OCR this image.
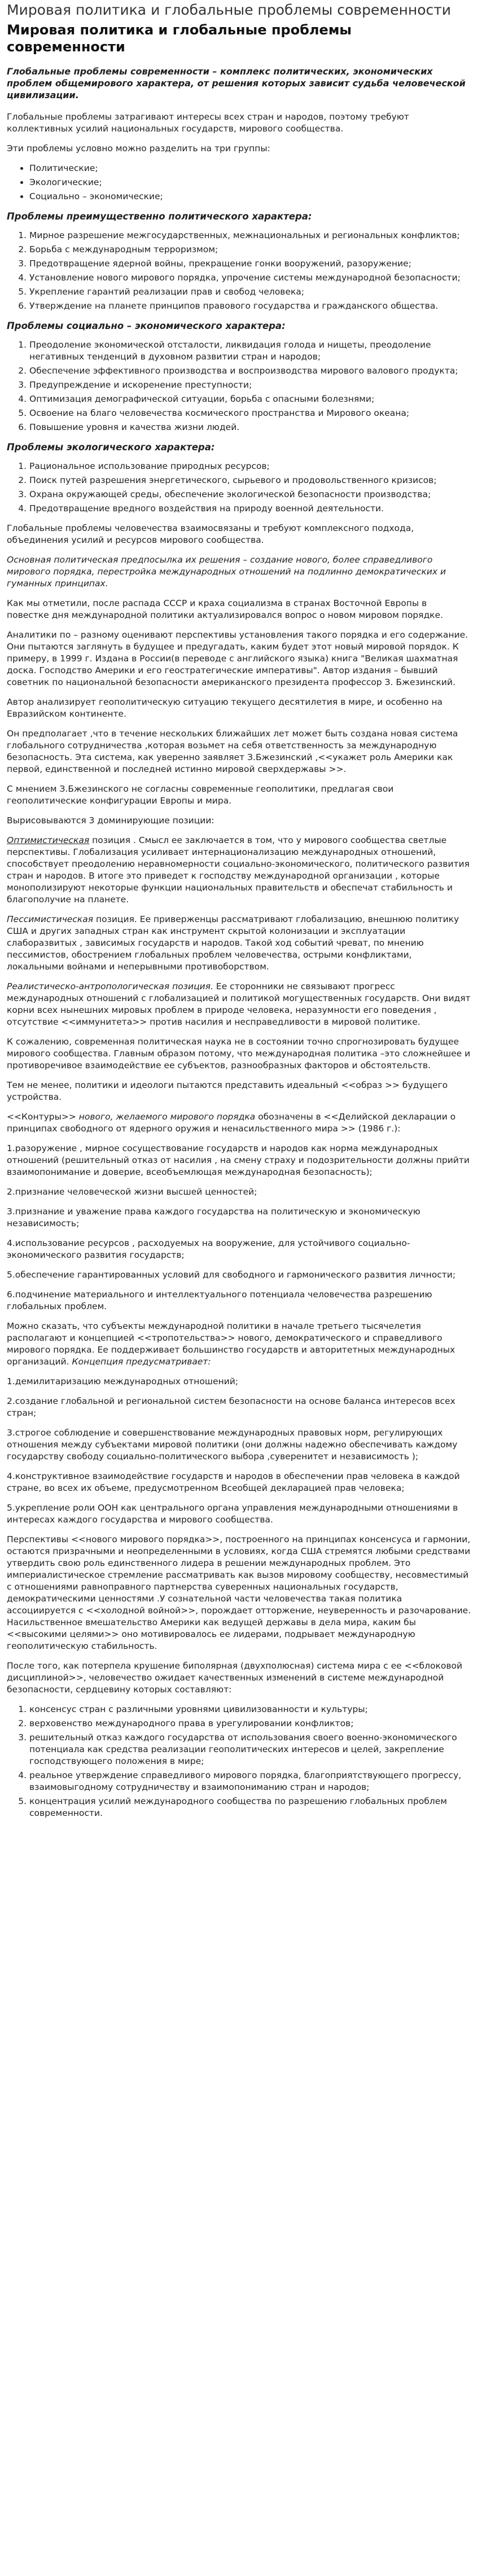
Мировая политика и глобальные проблемы современности
Мировая политика и глобальные проблемы современности

Глобальные проблемы современности – комплекс политических, экономических проблем общемирового характера, от решения которых зависит судьба человеческой цивилизации.

Глобальные проблемы затрагивают интересы всех стран и народов, поэтому требуют коллективных усилий национальных государств, мирового сообщества.

Эти проблемы условно можно разделить на три группы:

• Политические;
• Экологические;
• Социально – экономические;
Проблемы преимущественно политического характера:
1. Мирное разрешение межгосударственных, межнациональных и региональных конфликтов;
2. Борьба с международным терроризмом;
3. Предотвращение ядерной войны, прекращение гонки вооружений, разоружение;
4. Установление нового мирового порядка, упрочение системы международной безопасности;
5. Укрепление гарантий реализации прав и свобод человека;
6. Утверждение на планете принципов правового государства и гражданского общества.
Проблемы социально – экономического характера:
1. Преодоление экономической отсталости, ликвидация голода и нищеты, преодоление негативных тенденций в духовном развитии стран и народов;
2. Обеспечение эффективного производства и воспроизводства мирового валового продукта;
3. Предупреждение и искоренение преступности;
4. Оптимизация демографической ситуации, борьба с опасными болезнями;
5. Освоение на благо человечества космического пространства и Мирового океана;
6. Повышение уровня и качества жизни людей.
Проблемы экологического характера:
1. Рациональное использование природных ресурсов;
2. Поиск путей разрешения энергетического, сырьевого и продовольственного кризисов;
3. Охрана окружающей среды, обеспечение экологической безопасности производства;
4. Предотвращение вредного воздействия на природу военной деятельности.

Глобальные проблемы человечества взаимосвязаны и требуют комплексного подхода, объединения усилий и ресурсов мирового сообщества.

Основная политическая предпосылка их решения – создание нового, более справедливого мирового порядка, перестройка международных отношений на подлинно демократических и гуманных принципах.

Как мы отметили, после распада СССР и краха социализма в странах Восточной Европы в повестке дня международной политики актуализировался вопрос о новом мировом порядке.

Аналитики по – разному оценивают перспективы установления такого порядка и его содержание. Они пытаются заглянуть в будущее и предугадать, каким будет этот новый мировой порядок. К примеру, в 1999 г. Издана в России(в переводе с английского языка) книга "Великая шахматная доска. Господство Америки и его геостратегические императивы". Автор издания – бывший советник по национальной безопасности американского президента профессор З. Бжезинский.

Автор анализирует геополитическую ситуацию текущего десятилетия в мире, и особенно на Евразийском континенте.

Он предполагает ,что в течение нескольких ближайших лет может быть создана новая система глобального сотрудничества ,которая возьмет на себя ответственность за международную безопасность. Эта система, как уверенно заявляет З.Бжезинский ,<<укажет роль Америки как первой, единственной и последней истинно мировой сверхдержавы >>.

С мнением З.Бжезинского не согласны современные геополитики, предлагая свои геополитические конфигурации Европы и мира.

Вырисовываются 3 доминирующие позиции:

Оптимистическая позиция . Смысл ее заключается в том, что у мирового сообщества светлые перспективы. Глобализация усиливает интернационализацию международных отношений, способствует преодолению неравномерности социально-экономического, политического развития стран и народов. В итоге это приведет к господству международной организации , которые монополизируют некоторые функции национальных правительств и обеспечат стабильность и благополучие на планете.

Пессимистическая позиция. Ее приверженцы рассматривают глобализацию, внешнюю политику США и других западных стран как инструмент скрытой колонизации и эксплуатации слаборазвитых , зависимых государств и народов. Такой ход событий чреват, по мнению пессимистов, обострением глобальных проблем человечества, острыми конфликтами, локальными войнами и неперывными противоборством.

Реалистическо-антропологическая позиция. Ее сторонники не связывают прогресс международных отношений с глобализацией и политикой могущественных государств. Они видят корни всех нынешних мировых проблем в природе человека, неразумности его поведения , отсутствие <<иммунитета>> против насилия и несправедливости в мировой политике.

К сожалению, современная политическая наука не в состоянии точно спрогнозировать будущее мирового сообщества. Главным образом потому, что международная политика –это сложнейшее и противоречивое взаимодействие ее субъектов, разнообразных факторов и обстоятельств.

Тем не менее, политики и идеологи пытаются представить идеальный <<образ >> будущего устройства.

<<Контуры>> нового, желаемого мирового порядка обозначены в <<Делийской декларации о принципах свободного от ядерного оружия и ненасильственного мира >> (1986 г.):

1.разоружение , мирное сосуществование государств и народов как норма международных отношений (решительный отказ от насилия , на смену страху и подозрительности должны прийти взаимопонимание и доверие, всеобъемлющая международная безопасность);

2.признание человеческой жизни высшей ценностей;

3.признание и уважение права каждого государства на политическую и экономическую независимость;

4.использование ресурсов , расходуемых на вооружение, для устойчивого социально-экономического развития государств;

5.обеспечение гарантированных условий для свободного и гармонического развития личности;

6.подчинение материального и интеллектуального потенциала человечества разрешению глобальных проблем.

Можно сказать, что субъекты международной политики в начале третьего тысячелетия располагают и концепцией <<тропотельства>> нового, демократического и справедливого мирового порядка. Ее поддерживает большинство государств и авторитетных международных организаций. Концепция предусматривает:

1.демилитаризацию международных отношений;

2.создание глобальной и региональной систем безопасности на основе баланса интересов всех стран;

3.строгое соблюдение и совершенствование международных правовых норм, регулирующих отношения между субъектами мировой политики (они должны надежно обеспечивать каждому государству свободу социально-политического выбора ,суверенитет и независимость );

4.конструктивное взаимодействие государств и народов в обеспечении прав человека в каждой стране, во всех их объеме, предусмотренном Всеобщей декларацией прав человека;

5.укрепление роли ООН как центрального органа управления международными отношениями в интересах каждого государства и мирового сообщества.

Перспективы <<нового мирового порядка>>, построенного на принципах консенсуса и гармонии, остаются призрачными и неопределенными в условиях, когда США стремятся любыми средствами утвердить свою роль единственного лидера в решении международных проблем. Это империалистическое стремление рассматривать как вызов мировому сообществу, несовместимый с отношениями равноправного партнерства суверенных национальных государств, демократическими ценностями .У сознательной части человечества такая политика ассоциируется с <<холодной войной>>, порождает отторжение, неуверенность и разочарование. Насильственное вмешательство Америки как ведущей державы в дела мира, каким бы <<высокими целями>> оно мотивировалось ее лидерами, подрывает международную геополитическую стабильность.

После того, как потерпела крушение биполярная (двухполюсная) система мира с ее <<блоковой дисциплиной>>, человечество ожидает качественных изменений в системе международной безопасности, сердцевину которых составляют:

1. консенсус стран с различными уровнями цивилизованности и культуры;
2. верховенство международного права в урегулировании конфликтов;
3. решительный отказ каждого государства от использования своего военно-экономического потенциала как средства реализации геополитических интересов и целей, закрепление господствующего положения в мире;
4. реальное утверждение справедливого мирового порядка, благоприятствующего прогрессу, взаимовыгодному сотрудничеству и взаимопониманию стран и народов;
5. концентрация усилий международного сообщества по разрешению глобальных проблем современности.
